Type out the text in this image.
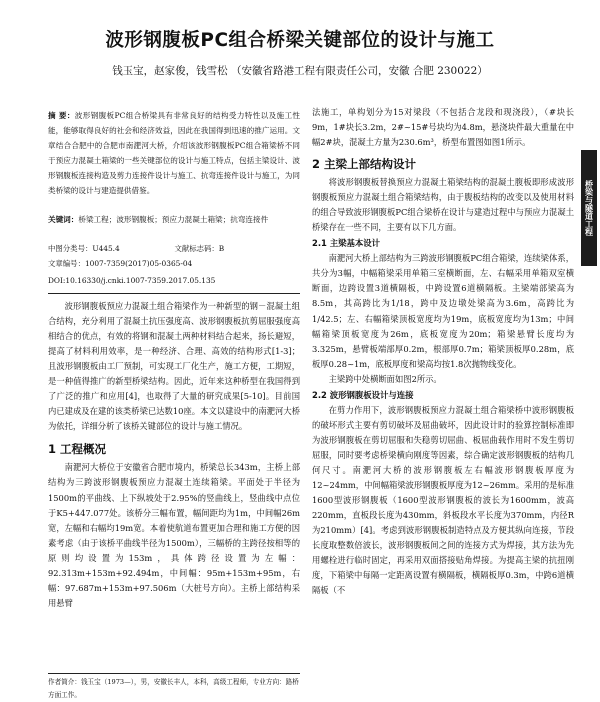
波形钢腹板PC组合桥梁关键部位的设计与施工
钱玉宝，赵家俊，钱雪松 （安徽省路港工程有限责任公司，安徽 合肥 230022）
桥梁与隧道工程
摘 要：波形钢腹板PC组合桥梁具有非常良好的结构受力特性以及施工性能，能够取得良好的社会和经济效益，因此在我国得到迅速的推广运用。文章结合合肥中的合肥市南淝河大桥，介绍该波形钢腹板PC组合箱梁桥不同于预应力混凝土箱梁的一些关键部位的设计与施工特点，包括主梁设计、波形钢腹板连接构造及剪力连接件设计与施工、抗弯连接件设计与施工，为同类桥梁的设计与建造提供借鉴。
关键词：桥梁工程；波形钢腹板；预应力混凝土箱梁；抗弯连接件
中图分类号：U445.4	文献标志码：B
文章编号：1007-7359(2017)05-0365-04
DOI:10.16330/j.cnki.1007-7359.2017.05.135

波形钢腹板预应力混凝土组合箱梁作为一种新型的钢－混凝土组合结构，充分利用了混凝土抗压强度高、波形钢腹板抗剪屈服强度高相结合的优点，有效的将钢和混凝土两种材料结合起来，扬长避短，提高了材料利用效率，是一种经济、合理、高效的结构形式[1-3]；且波形钢腹板由工厂预制，可实现工厂化生产，施工方便，工期短，是一种值得推广的新型桥梁结构。因此，近年来这种桥型在我国得到了广泛的推广和应用[4]，也取得了大量的研究成果[5-10]。目前国内已建成及在建的该类桥梁已达数10座。本文以建设中的南淝河大桥为依托，详细分析了该桥关键部位的设计与施工情况。

1 工程概况

南淝河大桥位于安徽省合肥市境内，桥梁总长343m，主桥上部结构为三跨波形钢腹板预应力混凝土连续箱梁。平面处于半径为1500m的平曲线、上下纵坡处于2.95%的竖曲线上，竖曲线中点位于K5+447.077处。该桥分三幅布置，幅间距均为1m，中间幅26m宽，左幅和右幅均19m宽。本着使航道布置更加合理和施工方便的因素考虑（由于该桥平曲线半径为1500m），三幅桥的主跨径按相等的原则均设置为153m，具体跨径设置为左幅：92.313m+153m+92.494m，中间幅：95m+153m+95m，右幅：97.687m+153m+97.506m（大桩号方向）。主桥上部结构采用悬臂

作者简介：钱玉宝（1973—），男，安徽长丰人，本科，高级工程师，专业方向：路桥方面工作。

法施工，单构划分为15对梁段（不包括合龙段和现浇段），（#块长9m，1#块长3.2m，2#~15#号块均为4.8m，悬浇块件最大重量在中幅2#块，混凝土方量为230.6m³，桥型布置图如图1所示。

2 主梁上部结构设计

将波形钢腹板替换预应力混凝土箱梁结构的混凝土腹板即形成波形钢腹板预应力混凝土组合箱梁结构，由于腹板结构的改变以及使用材料的组合导致波形钢腹板PC组合梁桥在设计与建造过程中与预应力混凝土桥梁存在一些不同，主要有以下几方面。

2.1 主梁基本设计

南淝河大桥上部结构为三跨波形钢腹板PC组合箱梁，连续梁体系，共分为3幅，中幅箱梁采用单箱三室横断面，左、右幅采用单箱双室横断面，边跨设置3道横隔板，中跨设置6道横隔板。主梁端部梁高为8.5m，其高跨比为1/18，跨中及边墩处梁高为3.6m，高跨比为1/42.5；左、右幅箱梁顶板宽度均为19m，底板宽度均为13m；中间幅箱梁顶板宽度为26m，底板宽度为20m；箱梁悬臂长度均为3.325m，悬臂板端部厚0.2m，根部厚0.7m；箱梁顶板厚0.28m，底板厚0.28~1m，底板厚度和梁高均按1.8次抛物线变化。

主梁跨中处横断面如图2所示。

2.2 波形钢腹板设计与连接

在剪力作用下，波形钢腹板预应力混凝土组合箱梁桥中波形钢腹板的破坏形式主要有剪切破坏及屈曲破坏，因此设计时的验算控制标准即为波形钢腹板在剪切屈服和失稳剪切屈曲、板屈曲载作用时不发生剪切屈服，同时要考虑桥梁横向刚度等因素，综合确定波形钢腹板的结构几何尺寸。南淝河大桥的波形钢腹板左右幅波形钢腹板厚度为12~24mm，中间幅箱梁波形钢腹板厚度为12~26mm。采用的是标准1600型波形钢腹板（1600型波形钢腹板的波长为1600mm，波高220mm，直板段长度为430mm，斜板段水平长度为370mm，内径R为210mm）[4]。考虑到波形钢腹板制造特点及方便其纵向连接，节段长度取整数倍波长，波形钢腹板间之间的连接方式为焊接，其方法为先用螺栓进行临时固定，再采用双面搭接贴角焊接。为提高主梁的抗扭刚度，下箱梁中每隔一定距离设置有横隔板，横隔板厚0.3m，中跨6道横隔板（不
